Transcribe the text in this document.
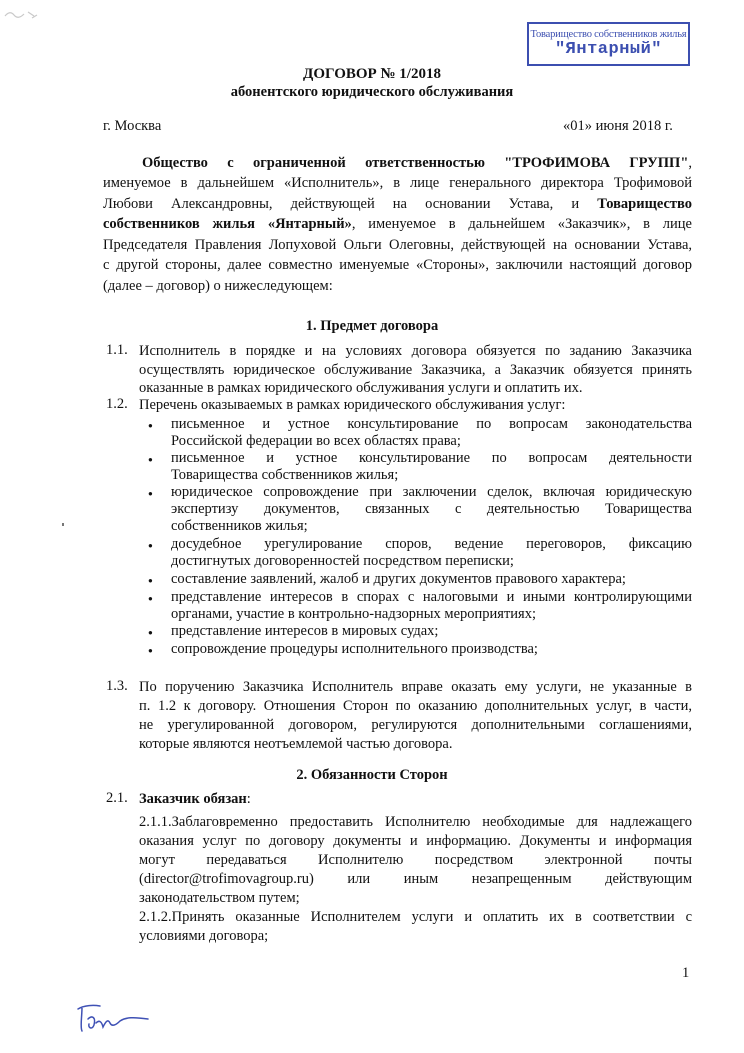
Товарищество собственников жилья
"Янтарный"
ДОГОВОР № 1/2018
абонентского юридического обслуживания
г. Москва	«01» июня 2018 г.
Общество с ограниченной ответственностью "ТРОФИМОВА ГРУПП",
именуемое в дальнейшем «Исполнитель», в лице генерального директора Трофимовой
Любови Александровны, действующей на основании Устава, и Товарищество
собственников жилья «Янтарный», именуемое в дальнейшем «Заказчик», в лице
Председателя Правления Лопуховой Ольги Олеговны, действующей на основании Устава,
с другой стороны, далее совместно именуемые «Стороны», заключили настоящий договор
(далее – договор) о нижеследующем:
1. Предмет договора
1.1. Исполнитель в порядке и на условиях договора обязуется по заданию Заказчика
осуществлять юридическое обслуживание Заказчика, а Заказчик обязуется принять
оказанные в рамках юридического обслуживания услуги и оплатить их.
1.2. Перечень оказываемых в рамках юридического обслуживания услуг:
● письменное и устное консультирование по вопросам законодательства
Российской федерации во всех областях права;
● письменное и устное консультирование по вопросам деятельности
Товарищества собственников жилья;
● юридическое сопровождение при заключении сделок, включая юридическую
экспертизу документов, связанных с деятельностью Товарищества
собственников жилья;
● досудебное урегулирование споров, ведение переговоров, фиксацию
достигнутых договоренностей посредством переписки;
● составление заявлений, жалоб и других документов правового характера;
● представление интересов в спорах с налоговыми и иными контролирующими
органами, участие в контрольно-надзорных мероприятиях;
● представление интересов в мировых судах;
● сопровождение процедуры исполнительного производства;
1.3. По поручению Заказчика Исполнитель вправе оказать ему услуги, не указанные в
п. 1.2 к договору. Отношения Сторон по оказанию дополнительных услуг, в части,
не урегулированной договором, регулируются дополнительными соглашениями,
которые являются неотъемлемой частью договора.
2. Обязанности Сторон
2.1. Заказчик обязан:
2.1.1.Заблаговременно предоставить Исполнителю необходимые для надлежащего
оказания услуг по договору документы и информацию. Документы и информация
могут передаваться Исполнителю посредством электронной почты
(director@trofimovagroup.ru) или иным незапрещенным действующим
законодательством путем;
2.1.2.Принять оказанные Исполнителем услуги и оплатить их в соответствии с
условиями договора;
1
